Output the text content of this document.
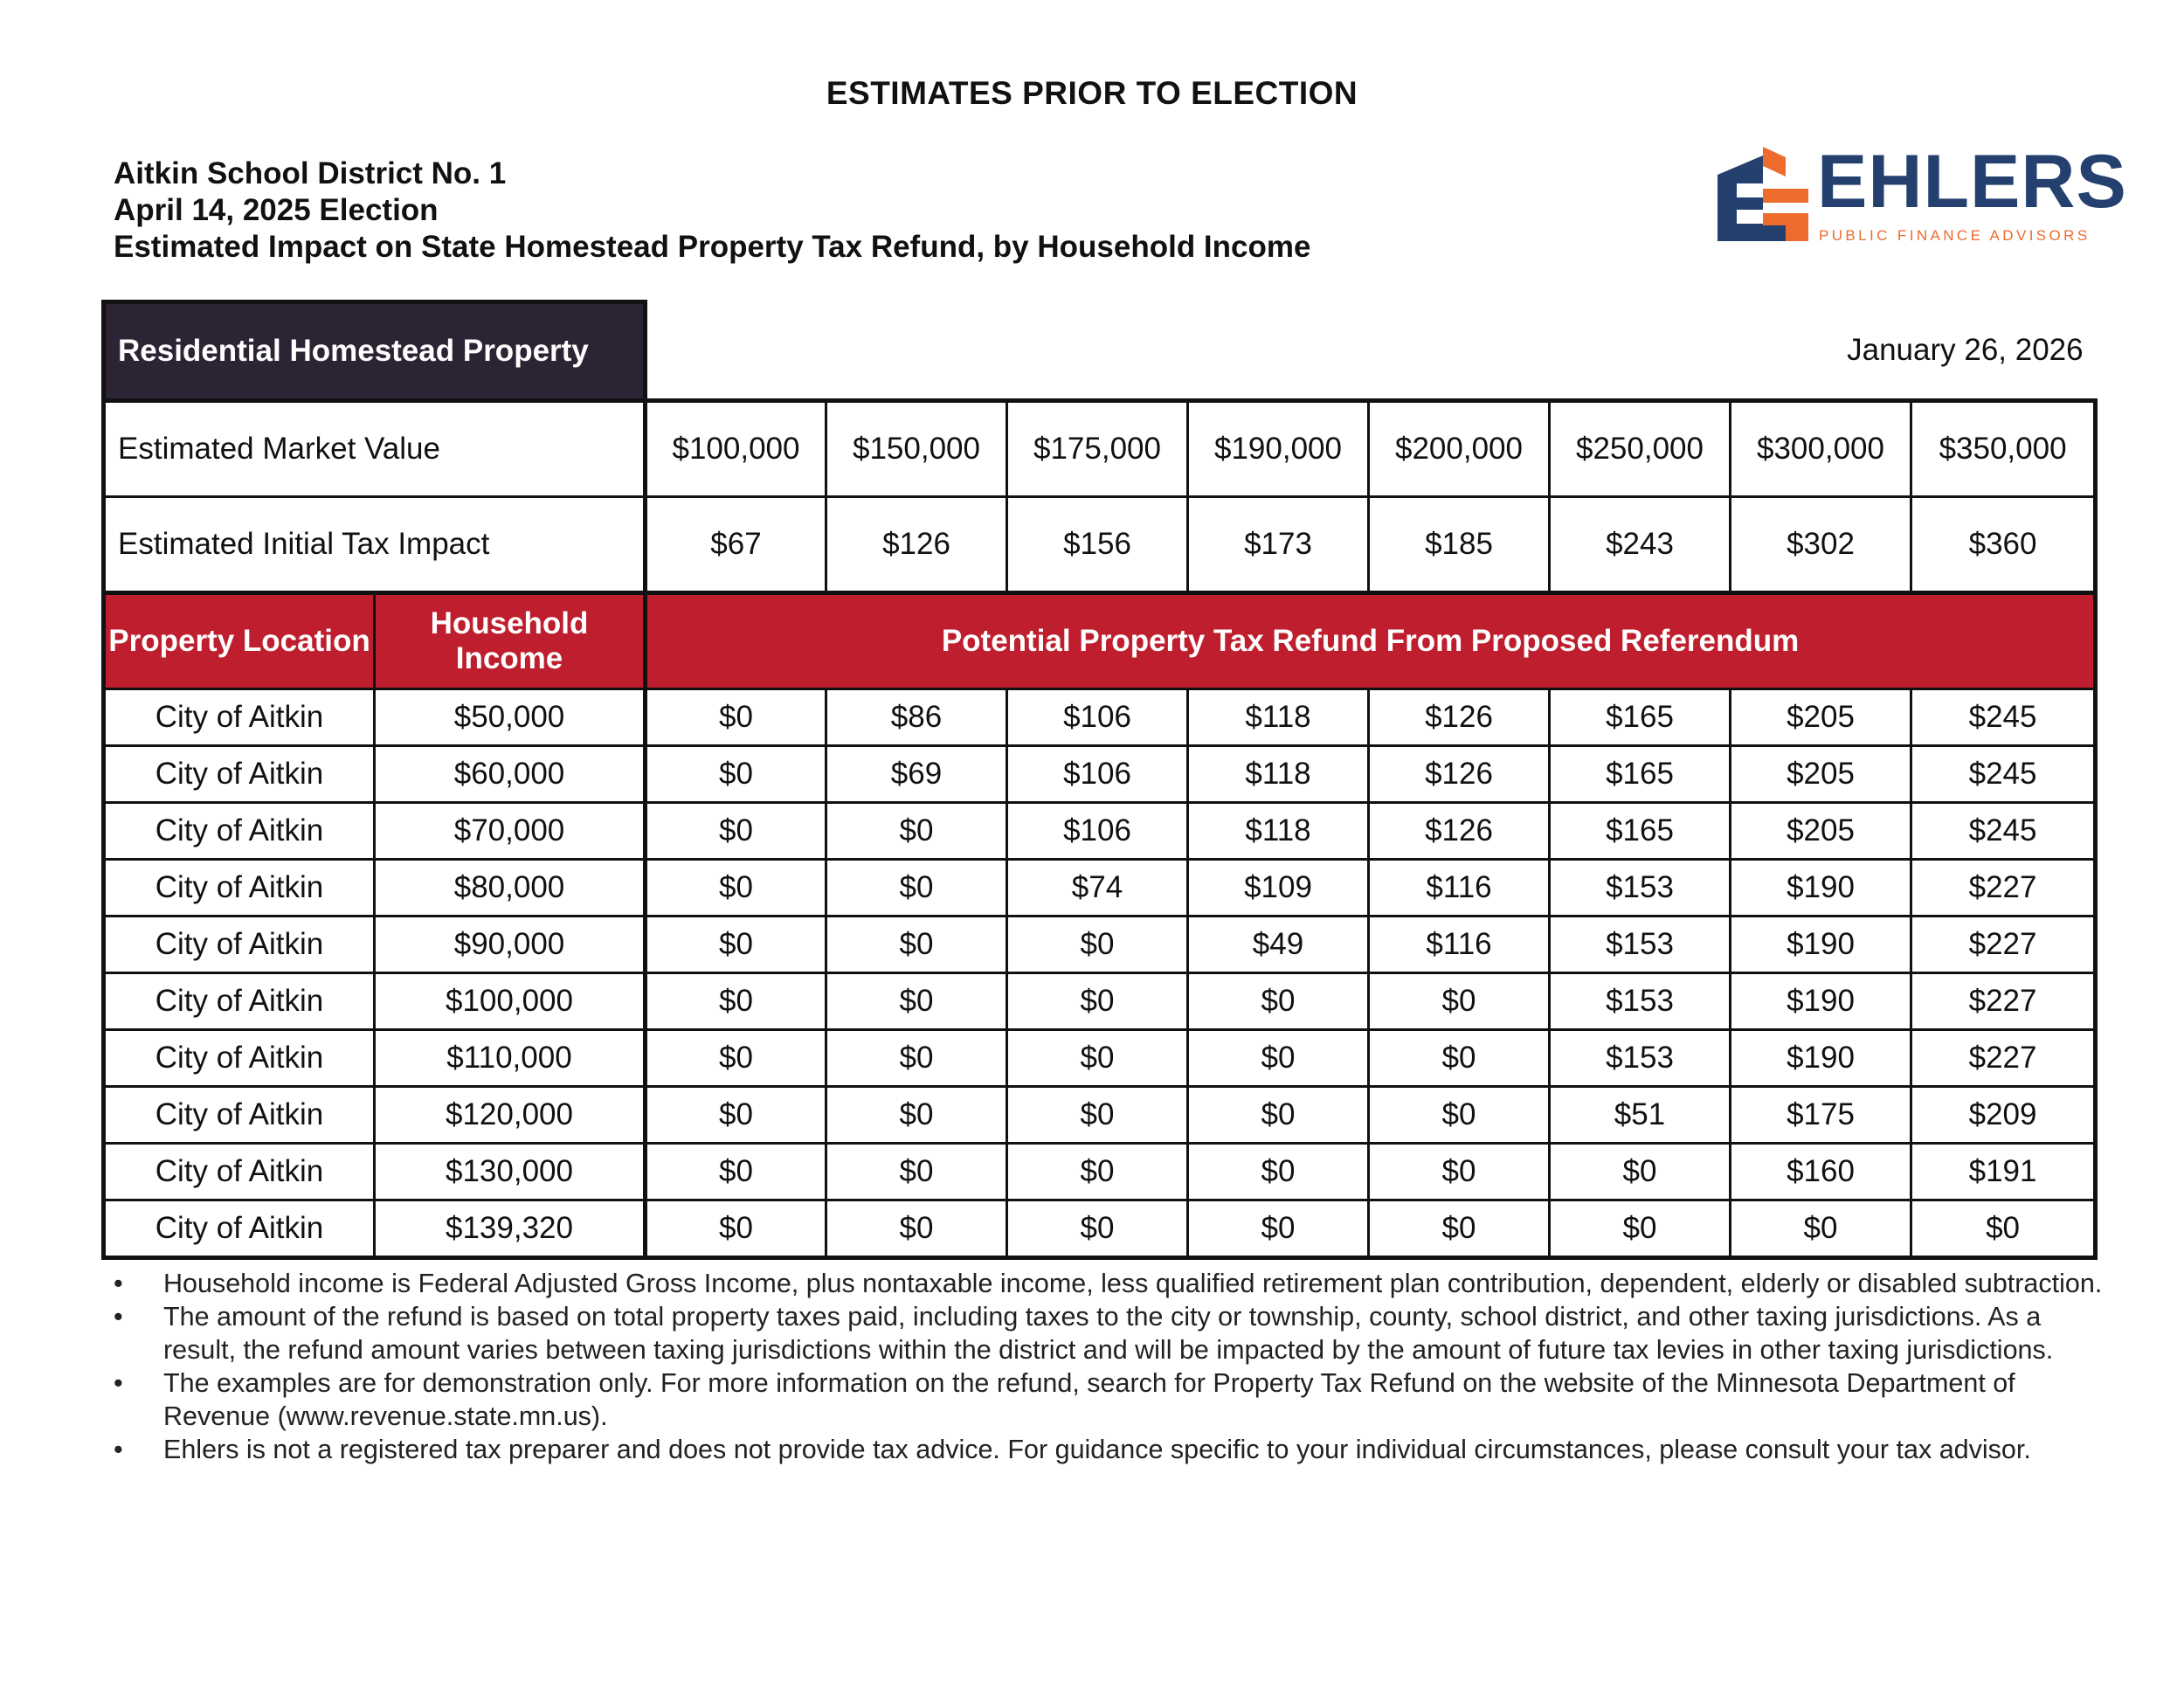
ESTIMATES PRIOR TO ELECTION
Aitkin School District No. 1
April 14, 2025 Election
Estimated Impact on State Homestead Property Tax Refund, by Household Income
EHLERS
PUBLIC FINANCE ADVISORS
Residential Homestead Property		January 26, 2026							
Estimated Market Value		$100,000	$150,000	$175,000	$190,000	$200,000	$250,000	$300,000	$350,000
Estimated Initial Tax Impact		$67	$126	$156	$173	$185	$243	$302	$360
Property Location	Household Income	Potential Property Tax Refund From Proposed Referendum							
City of Aitkin	$50,000	$0	$86	$106	$118	$126	$165	$205	$245
City of Aitkin	$60,000	$0	$69	$106	$118	$126	$165	$205	$245
City of Aitkin	$70,000	$0	$0	$106	$118	$126	$165	$205	$245
City of Aitkin	$80,000	$0	$0	$74	$109	$116	$153	$190	$227
City of Aitkin	$90,000	$0	$0	$0	$49	$116	$153	$190	$227
City of Aitkin	$100,000	$0	$0	$0	$0	$0	$153	$190	$227
City of Aitkin	$110,000	$0	$0	$0	$0	$0	$153	$190	$227
City of Aitkin	$120,000	$0	$0	$0	$0	$0	$51	$175	$209
City of Aitkin	$130,000	$0	$0	$0	$0	$0	$0	$160	$191
City of Aitkin	$139,320	$0	$0	$0	$0	$0	$0	$0	$0
• Household income is Federal Adjusted Gross Income, plus nontaxable income, less qualified retirement plan contribution, dependent, elderly or disabled subtraction.
• The amount of the refund is based on total property taxes paid, including taxes to the city or township, county, school district, and other taxing jurisdictions. As a result, the refund amount varies between taxing jurisdictions within the district and will be impacted by the amount of future tax levies in other taxing jurisdictions.
• The examples are for demonstration only. For more information on the refund, search for Property Tax Refund on the website of the Minnesota Department of Revenue (www.revenue.state.mn.us).
• Ehlers is not a registered tax preparer and does not provide tax advice. For guidance specific to your individual circumstances, please consult your tax advisor.
